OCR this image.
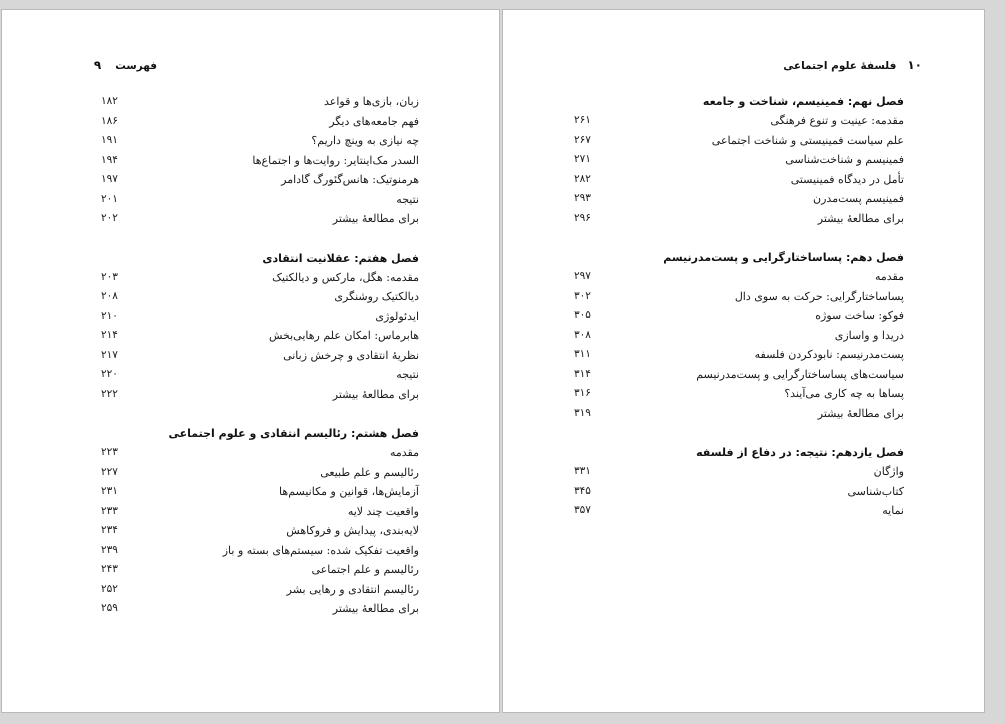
فهرست
۹
زبان، بازی‌ها و قواعد
۱۸۲
فهم جامعه‌های دیگر
۱۸۶
چه نیازی به وینچ داریم؟
۱۹۱
السدر مک‌اینتایر: روایت‌ها و اجتماع‌ها
۱۹۴
هرمنوتیک: هانس‌گئورگ گادامر
۱۹۷
نتیجه
۲۰۱
برای مطالعهٔ بیشتر
۲۰۲
فصل هفتم: عقلانیت انتقادی
مقدمه: هگل، مارکس و دیالکتیک
۲۰۳
دیالکتیک روشنگری
۲۰۸
ایدئولوژی
۲۱۰
هابرماس: امکان علم رهایی‌بخش
۲۱۴
نظریهٔ انتقادی و چرخش زبانی
۲۱۷
نتیجه
۲۲۰
برای مطالعهٔ بیشتر
۲۲۲
فصل هشتم: رئالیسم انتقادی و علوم اجتماعی
مقدمه
۲۲۳
رئالیسم و علم طبیعی
۲۲۷
آزمایش‌ها، قوانین و مکانیسم‌ها
۲۳۱
واقعیت چند لایه
۲۳۳
لایه‌بندی، پیدایش و فروکاهش
۲۳۴
واقعیت تفکیک شده: سیستم‌های بسته و باز
۲۳۹
رئالیسم و علم اجتماعی
۲۴۳
رئالیسم انتقادی و رهایی بشر
۲۵۲
برای مطالعهٔ بیشتر
۲۵۹
۱۰
فلسفهٔ علوم اجتماعی
فصل نهم: فمینیسم، شناخت و جامعه
مقدمه: عینیت و تنوع فرهنگی
۲۶۱
علم سیاست فمینیستی و شناخت اجتماعی
۲۶۷
فمینیسم و شناخت‌شناسی
۲۷۱
تأمل در دیدگاه فمینیستی
۲۸۲
فمینیسم پست‌مدرن
۲۹۳
برای مطالعهٔ بیشتر
۲۹۶
فصل دهم: پساساختارگرایی و پست‌مدرنیسم
مقدمه
۲۹۷
پساساختارگرایی: حرکت به سوی دال
۳۰۲
فوکو: ساخت سوژه
۳۰۵
دریدا و واسازی
۳۰۸
پست‌مدرنیسم: نابودکردن فلسفه
۳۱۱
سیاست‌های پساساختارگرایی و پست‌مدرنیسم
۳۱۴
پساها به چه کاری می‌آیند؟
۳۱۶
برای مطالعهٔ بیشتر
۳۱۹
فصل یازدهم: نتیجه: در دفاع از فلسفه
واژگان
۳۳۱
کتاب‌شناسی
۳۴۵
نمایه
۳۵۷
